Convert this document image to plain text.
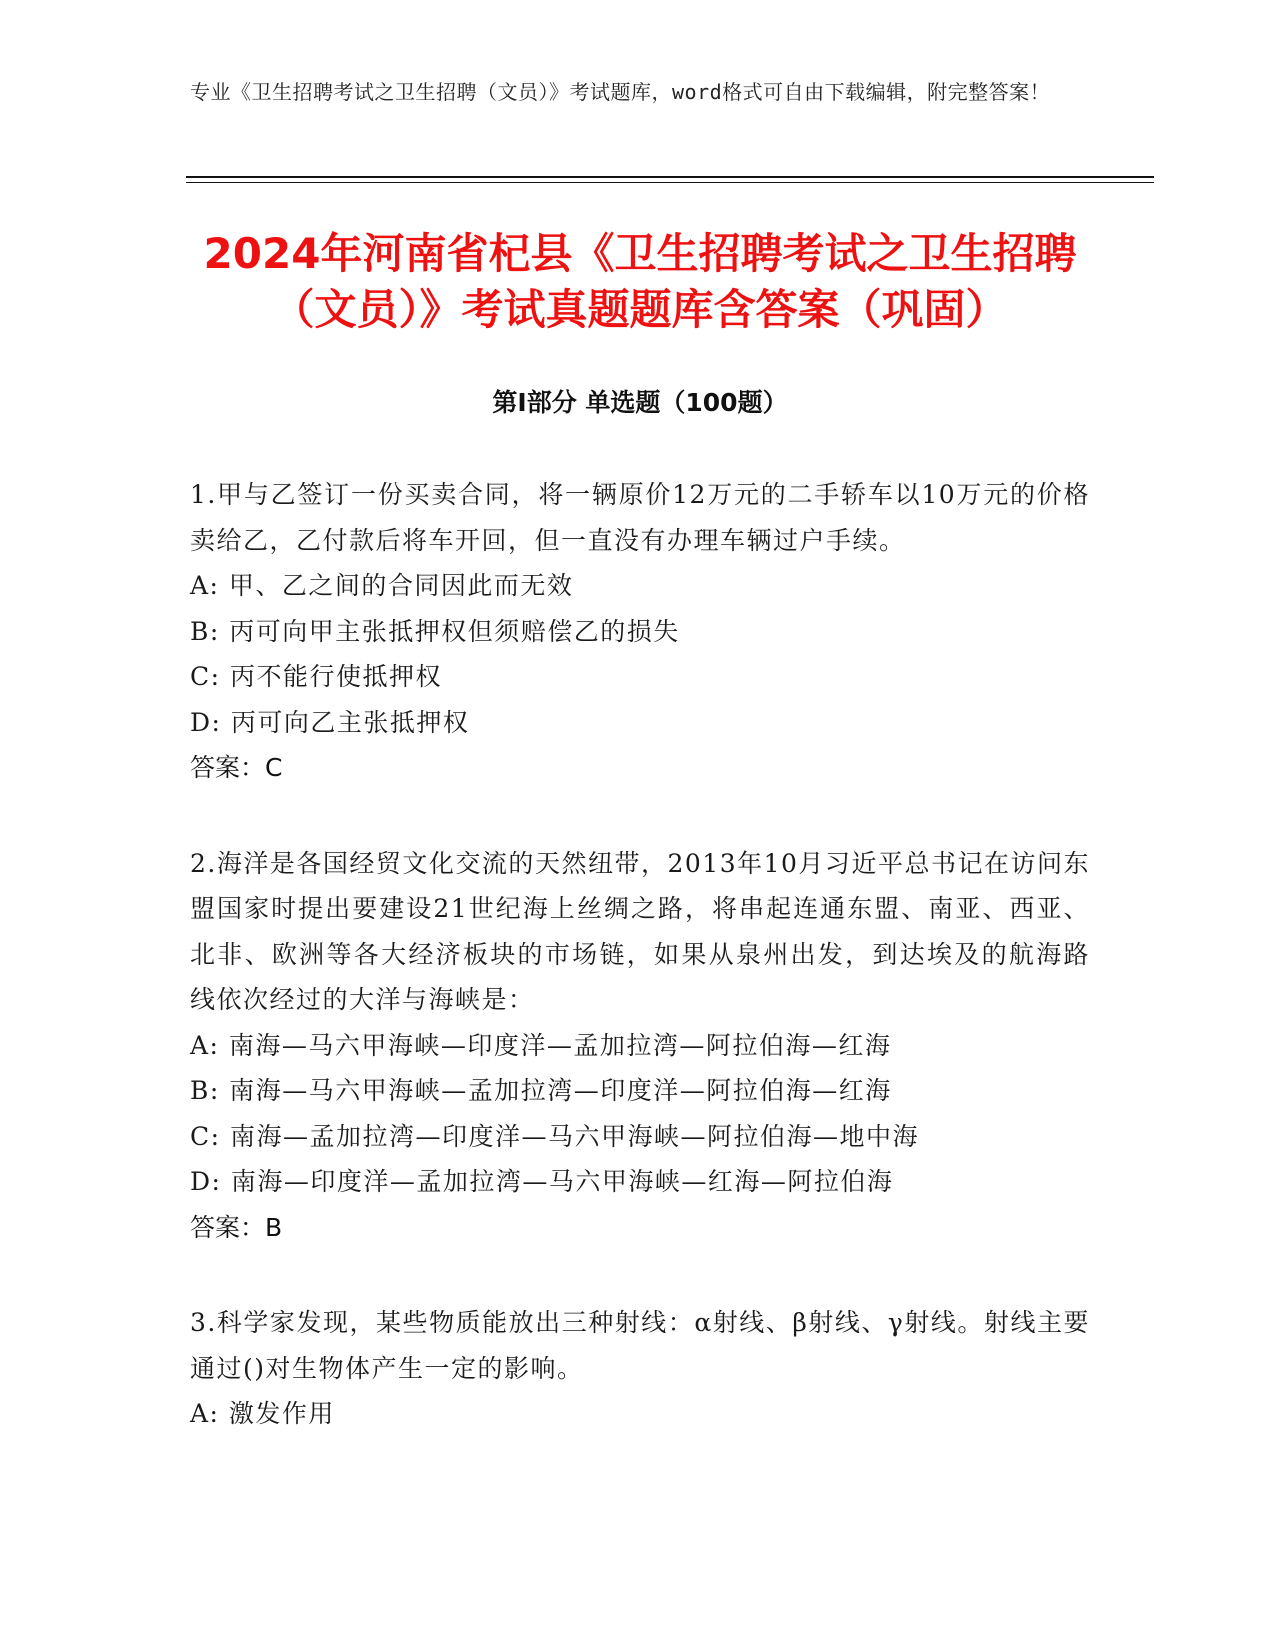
专业《卫生招聘考试之卫生招聘（文员）》考试题库，word格式可自由下载编辑，附完整答案！
2024年河南省杞县《卫生招聘考试之卫生招聘（文员）》考试真题题库含答案（巩固）
第Ⅰ部分 单选题（100题）
1.甲与乙签订一份买卖合同，将一辆原价12万元的二手轿车以10万元的价格卖给乙，乙付款后将车开回，但一直没有办理车辆过户手续。
A: 甲、乙之间的合同因此而无效
B: 丙可向甲主张抵押权但须赔偿乙的损失
C: 丙不能行使抵押权
D: 丙可向乙主张抵押权
答案：C
2.海洋是各国经贸文化交流的天然纽带，2013年10月习近平总书记在访问东盟国家时提出要建设21世纪海上丝绸之路，将串起连通东盟、南亚、西亚、北非、欧洲等各大经济板块的市场链，如果从泉州出发，到达埃及的航海路线依次经过的大洋与海峡是：
A: 南海—马六甲海峡—印度洋—孟加拉湾—阿拉伯海—红海
B: 南海—马六甲海峡—孟加拉湾—印度洋—阿拉伯海—红海
C: 南海—孟加拉湾—印度洋—马六甲海峡—阿拉伯海—地中海
D: 南海—印度洋—孟加拉湾—马六甲海峡—红海—阿拉伯海
答案：B
3.科学家发现，某些物质能放出三种射线：α射线、β射线、γ射线。射线主要通过()对生物体产生一定的影响。
A: 激发作用
